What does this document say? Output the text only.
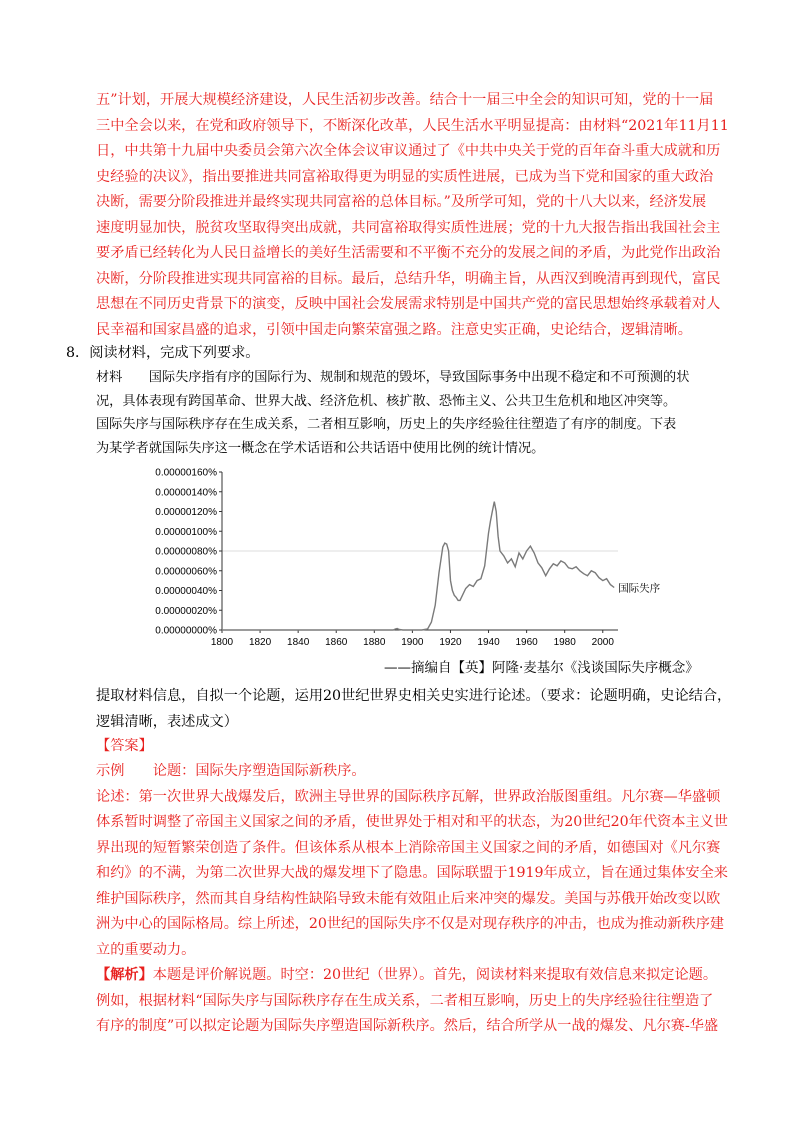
五”计划，开展大规模经济建设，人民生活初步改善。结合十一届三中全会的知识可知，党的十一届
三中全会以来，在党和政府领导下，不断深化改革，人民生活水平明显提高：由材料“2021年11月11
日，中共第十九届中央委员会第六次全体会议审议通过了《中共中央关于党的百年奋斗重大成就和历
史经验的决议》，指出要推进共同富裕取得更为明显的实质性进展，已成为当下党和国家的重大政治
决断，需要分阶段推进并最终实现共同富裕的总体目标。”及所学可知，党的十八大以来，经济发展
速度明显加快，脱贫攻坚取得突出成就，共同富裕取得实质性进展；党的十九大报告指出我国社会主
要矛盾已经转化为人民日益增长的美好生活需要和不平衡不充分的发展之间的矛盾，为此党作出政治
决断，分阶段推进实现共同富裕的目标。最后，总结升华，明确主旨，从西汉到晚清再到现代，富民
思想在不同历史背景下的演变，反映中国社会发展需求特别是中国共产党的富民思想始终承载着对人
民幸福和国家昌盛的追求，引领中国走向繁荣富强之路。注意史实正确，史论结合，逻辑清晰。
8．阅读材料，完成下列要求。
材料　　国际失序指有序的国际行为、规制和规范的毁坏，导致国际事务中出现不稳定和不可预测的状
况，具体表现有跨国革命、世界大战、经济危机、核扩散、恐怖主义、公共卫生危机和地区冲突等。
国际失序与国际秩序存在生成关系，二者相互影响，历史上的失序经验往往塑造了有序的制度。下表
为某学者就国际失序这一概念在学术话语和公共话语中使用比例的统计情况。
0.00000160%
0.00000140%
0.00000120%
0.00000100%
0.00000080%
0.00000060%
0.00000040%
0.00000020%
0.00000000%
1800 1820 1840 1860 1880 1900 1920 1940 1960 1980 2000
国际失序
——摘编自【英】阿隆·麦基尔《浅谈国际失序概念》
提取材料信息，自拟一个论题，运用20世纪世界史相关史实进行论述。（要求：论题明确，史论结合，
逻辑清晰，表述成文）
【答案】
示例　　论题：国际失序塑造国际新秩序。
论述：第一次世界大战爆发后，欧洲主导世界的国际秩序瓦解，世界政治版图重组。凡尔赛—华盛顿
体系暂时调整了帝国主义国家之间的矛盾，使世界处于相对和平的状态，为20世纪20年代资本主义世
界出现的短暂繁荣创造了条件。但该体系从根本上消除帝国主义国家之间的矛盾，如德国对《凡尔赛
和约》的不满，为第二次世界大战的爆发埋下了隐患。国际联盟于1919年成立，旨在通过集体安全来
维护国际秩序，然而其自身结构性缺陷导致未能有效阻止后来冲突的爆发。美国与苏俄开始改变以欧
洲为中心的国际格局。综上所述，20世纪的国际失序不仅是对现存秩序的冲击，也成为推动新秩序建
立的重要动力。
【解析】本题是评价解说题。时空：20世纪（世界）。首先，阅读材料来提取有效信息来拟定论题。
例如，根据材料“国际失序与国际秩序存在生成关系，二者相互影响，历史上的失序经验往往塑造了
有序的制度”可以拟定论题为国际失序塑造国际新秩序。然后，结合所学从一战的爆发、凡尔赛-华盛
